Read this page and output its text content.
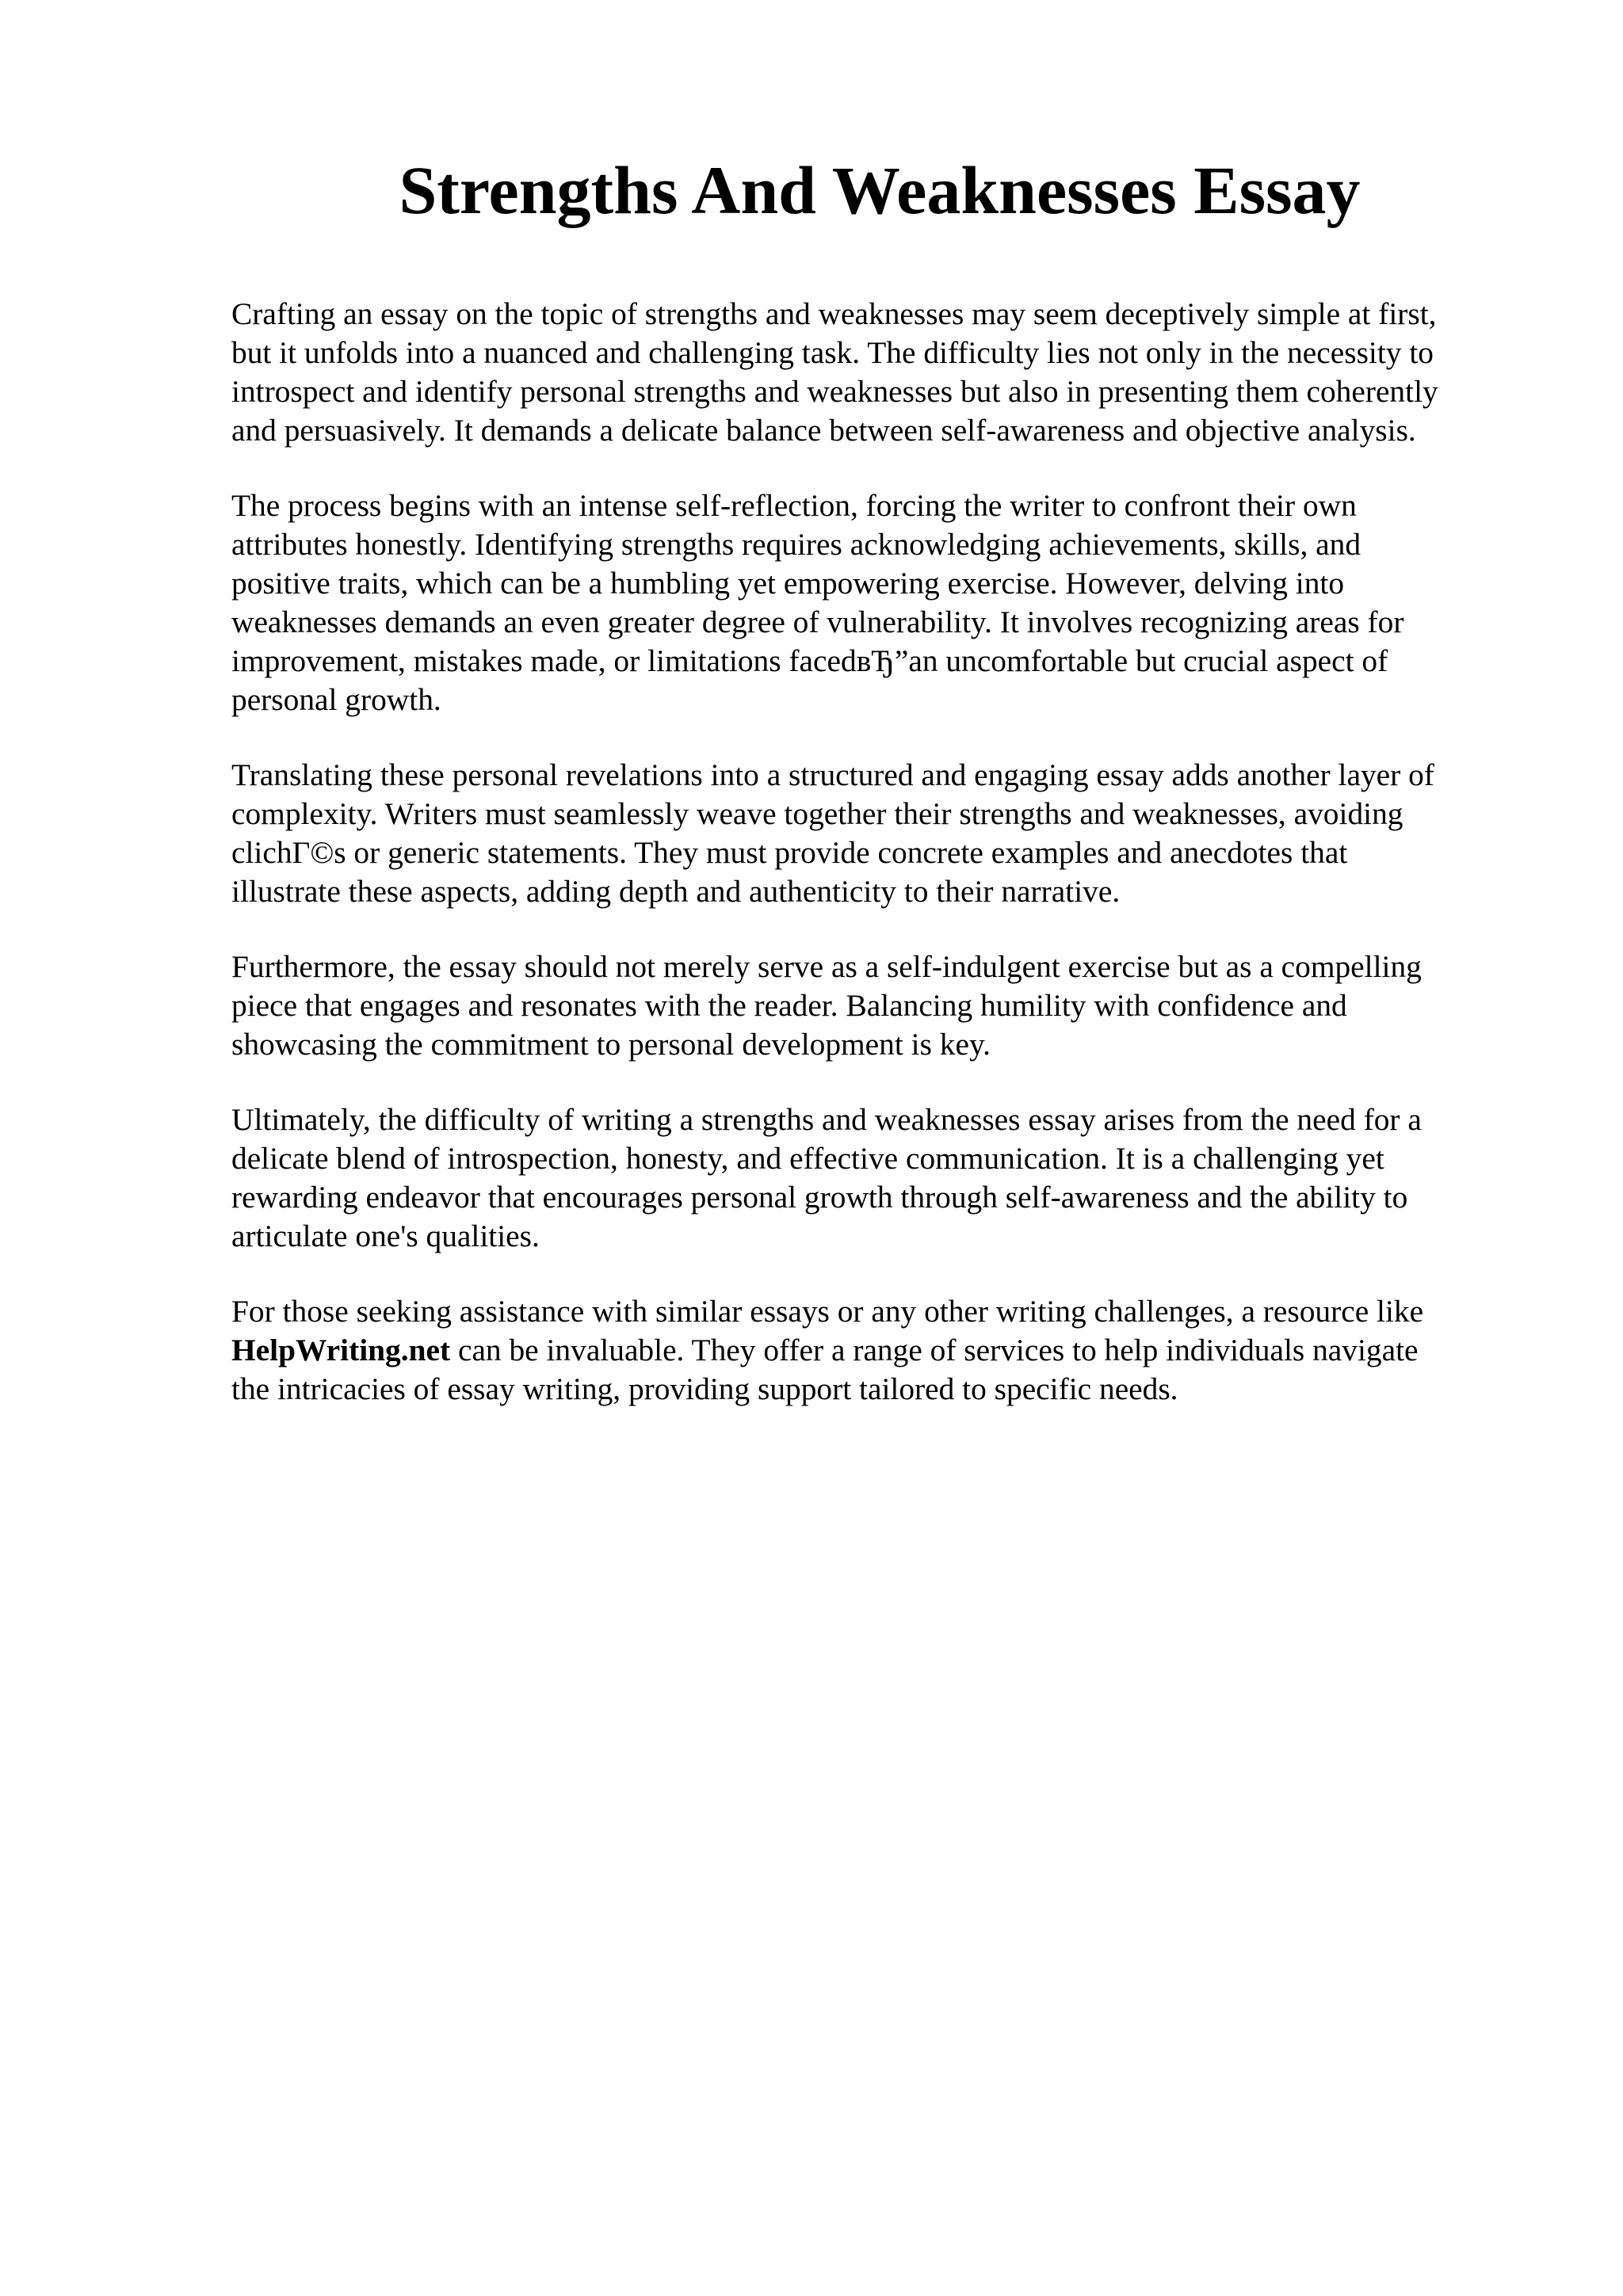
Strengths And Weaknesses Essay

Crafting an essay on the topic of strengths and weaknesses may seem deceptively simple at first,
but it unfolds into a nuanced and challenging task. The difficulty lies not only in the necessity to
introspect and identify personal strengths and weaknesses but also in presenting them coherently
and persuasively. It demands a delicate balance between self-awareness and objective analysis.

The process begins with an intense self-reflection, forcing the writer to confront their own
attributes honestly. Identifying strengths requires acknowledging achievements, skills, and
positive traits, which can be a humbling yet empowering exercise. However, delving into
weaknesses demands an even greater degree of vulnerability. It involves recognizing areas for
improvement, mistakes made, or limitations facedвЂ”an uncomfortable but crucial aspect of
personal growth.

Translating these personal revelations into a structured and engaging essay adds another layer of
complexity. Writers must seamlessly weave together their strengths and weaknesses, avoiding
clichГ©s or generic statements. They must provide concrete examples and anecdotes that
illustrate these aspects, adding depth and authenticity to their narrative.

Furthermore, the essay should not merely serve as a self-indulgent exercise but as a compelling
piece that engages and resonates with the reader. Balancing humility with confidence and
showcasing the commitment to personal development is key.

Ultimately, the difficulty of writing a strengths and weaknesses essay arises from the need for a
delicate blend of introspection, honesty, and effective communication. It is a challenging yet
rewarding endeavor that encourages personal growth through self-awareness and the ability to
articulate one's qualities.

For those seeking assistance with similar essays or any other writing challenges, a resource like
HelpWriting.net can be invaluable. They offer a range of services to help individuals navigate
the intricacies of essay writing, providing support tailored to specific needs.
